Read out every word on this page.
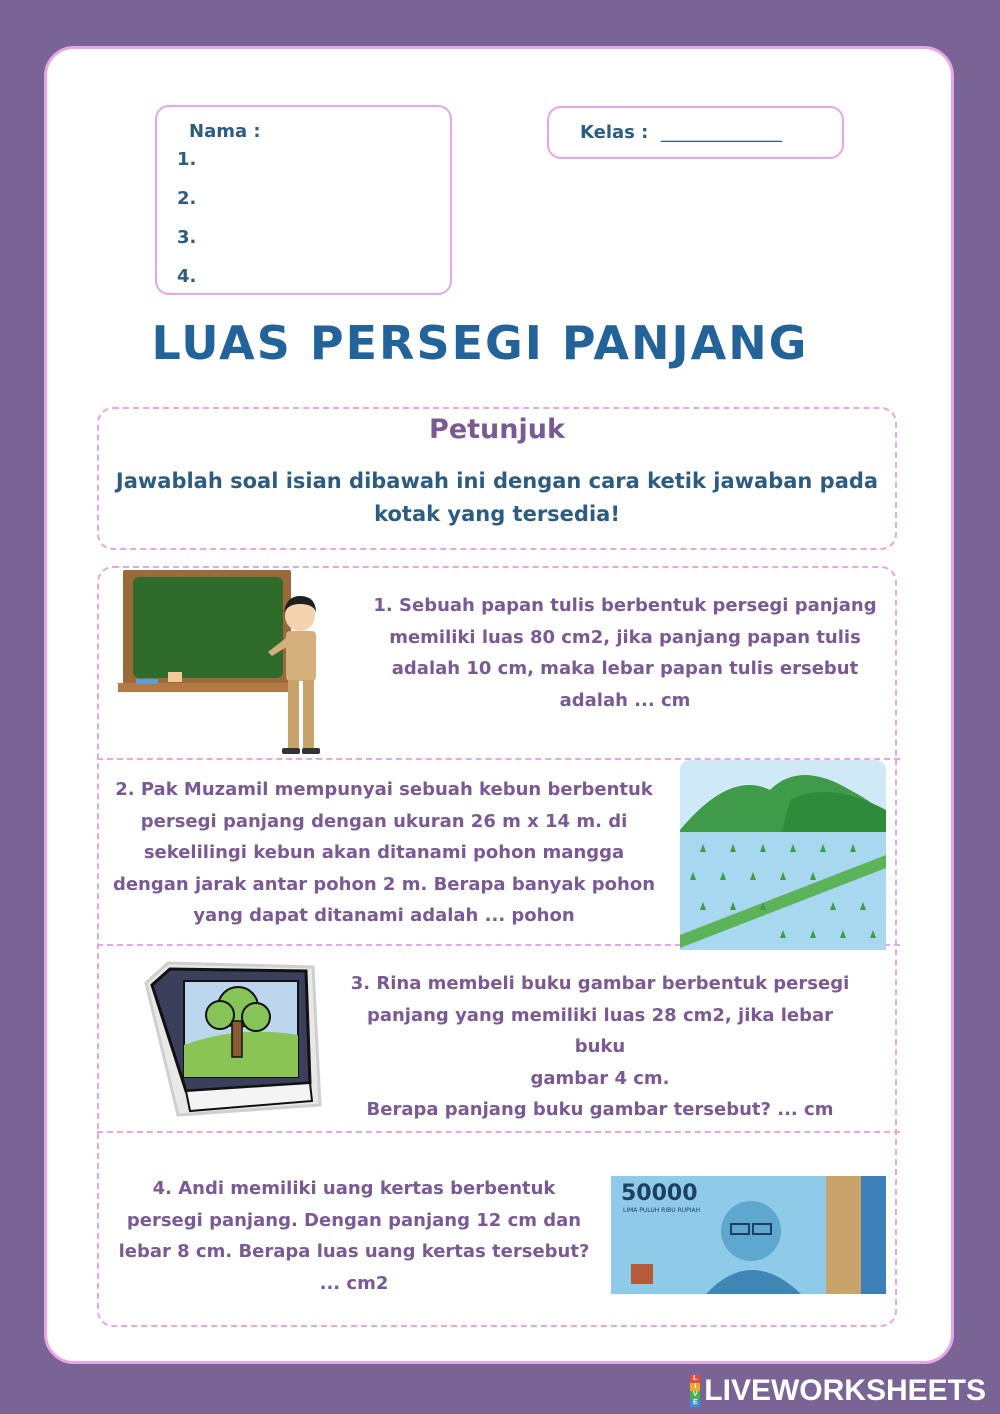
Nama :
1.
2.
3.
4.
Kelas : _______________
LUAS PERSEGI PANJANG
Petunjuk
Jawablah soal isian dibawah ini dengan cara ketik jawaban pada
kotak yang tersedia!
1. Sebuah papan tulis berbentuk persegi panjang
memiliki luas 80 cm2, jika panjang papan tulis
adalah 10 cm, maka lebar papan tulis ersebut
adalah ... cm
2. Pak Muzamil mempunyai sebuah kebun berbentuk
persegi panjang dengan ukuran 26 m x 14 m. di
sekelilingi kebun akan ditanami pohon mangga
dengan jarak antar pohon 2 m. Berapa banyak pohon
yang dapat ditanami adalah ... pohon
3. Rina membeli buku gambar berbentuk persegi
panjang yang memiliki luas 28 cm2, jika lebar buku
gambar 4 cm.
Berapa panjang buku gambar tersebut? ... cm
4. Andi memiliki uang kertas berbentuk
persegi panjang. Dengan panjang 12 cm dan
lebar 8 cm. Berapa luas uang kertas tersebut?
... cm2
50000
LIMA PULUH RIBU RUPIAH
L
I
V
E LIVEWORKSHEETS
